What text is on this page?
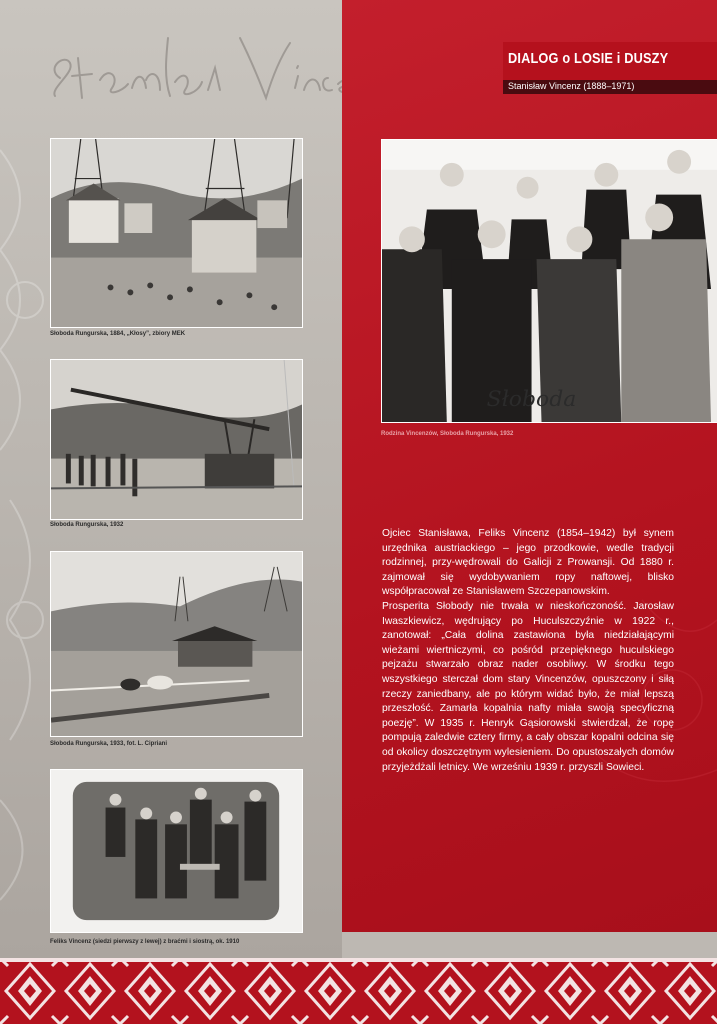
DIALOG o LOSIE i DUSZY
Stanisław Vincenz (1888–1971)
Słoboda Rungurska, 1884, „Kłosy”, zbiory MEK
Słoboda Rungurska, 1932
Słoboda Rungurska, 1933, fot. L. Cipriani
Feliks Vincenz (siedzi pierwszy z lewej) z braćmi i siostrą, ok. 1910
Słoboda
Rodzina Vincenzów, Słoboda Rungurska, 1932

Ojciec Stanisława, Feliks Vincenz (1854–1942) był synem urzędnika austriackiego – jego przodkowie, wedle tradycji rodzinnej, przy-wędrowali do Galicji z Prowansji. Od 1880 r. zajmował się wydobywaniem ropy naftowej, blisko współpracował ze Stanisławem Szczepanowskim.

Prosperita Słobody nie trwała w nieskończoność. Jarosław Iwaszkiewicz, wędrujący po Huculszczyźnie w 1922 r., zanotował: „Cała dolina zastawiona była niedziałającymi wieżami wiertniczymi, co pośród przepięknego huculskiego pejzażu stwarzało obraz nader osobliwy. W środku tego wszystkiego sterczał dom stary Vincenzów, opuszczony i siłą rzeczy zaniedbany, ale po którym widać było, że miał lepszą przeszłość. Zamarła kopalnia nafty miała swoją specyficzną poezję”. W 1935 r. Henryk Gąsiorowski stwierdzał, że ropę pompują zaledwie cztery firmy, a cały obszar kopalni odcina się od okolicy doszczętnym wylesieniem. Do opustoszałych domów przyjeżdżali letnicy. We wrześniu 1939 r. przyszli Sowieci.
